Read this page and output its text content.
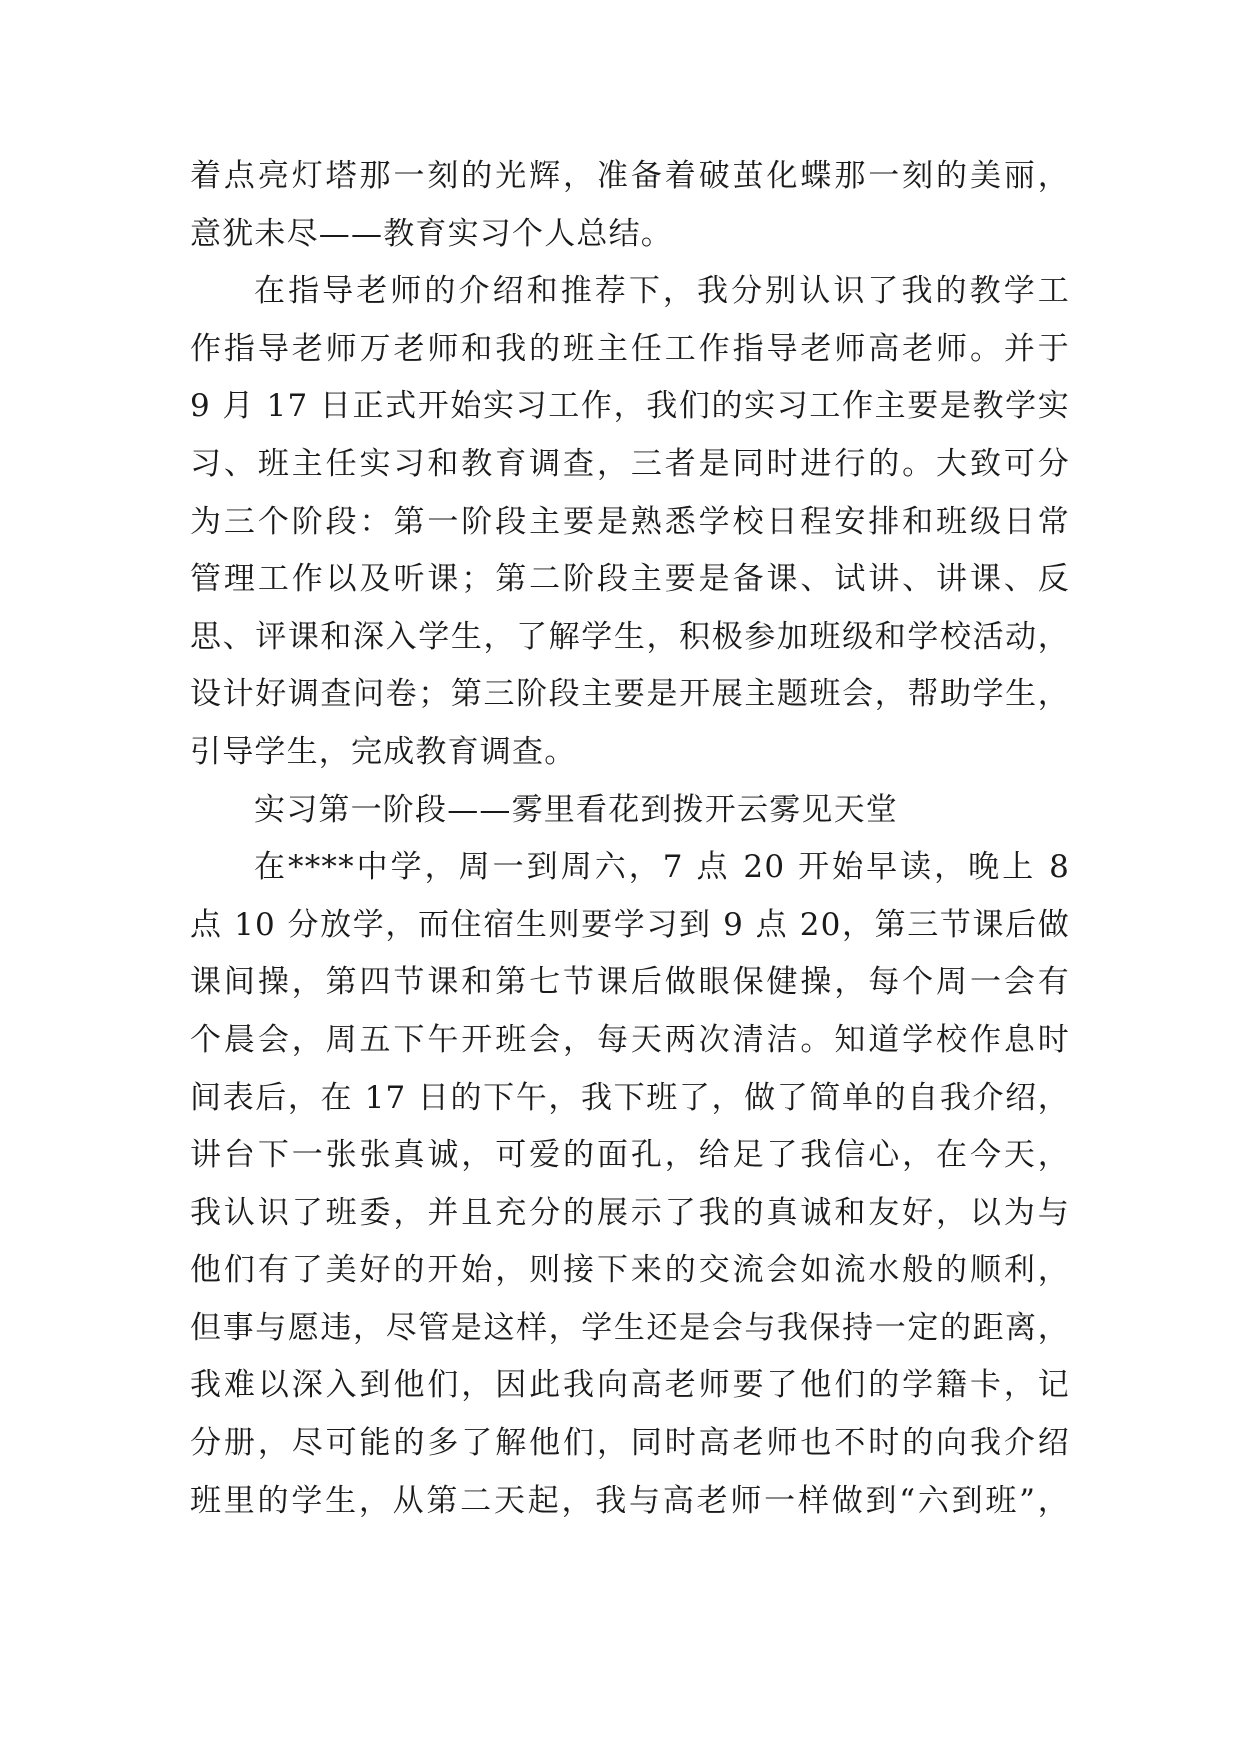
着点亮灯塔那一刻的光辉，准备着破茧化蝶那一刻的美丽，
意犹未尽——教育实习个人总结。
在指导老师的介绍和推荐下，我分别认识了我的教学工
作指导老师万老师和我的班主任工作指导老师高老师。并于
9 月 17 日正式开始实习工作，我们的实习工作主要是教学实
习、班主任实习和教育调查，三者是同时进行的。大致可分
为三个阶段：第一阶段主要是熟悉学校日程安排和班级日常
管理工作以及听课；第二阶段主要是备课、试讲、讲课、反
思、评课和深入学生，了解学生，积极参加班级和学校活动，
设计好调查问卷；第三阶段主要是开展主题班会，帮助学生，
引导学生，完成教育调查。
实习第一阶段——雾里看花到拨开云雾见天堂
在****中学，周一到周六，7 点 20 开始早读，晚上 8
点 10 分放学，而住宿生则要学习到 9 点 20，第三节课后做
课间操，第四节课和第七节课后做眼保健操，每个周一会有
个晨会，周五下午开班会，每天两次清洁。知道学校作息时
间表后，在 17 日的下午，我下班了，做了简单的自我介绍，
讲台下一张张真诚，可爱的面孔，给足了我信心，在今天，
我认识了班委，并且充分的展示了我的真诚和友好，以为与
他们有了美好的开始，则接下来的交流会如流水般的顺利，
但事与愿违，尽管是这样，学生还是会与我保持一定的距离，
我难以深入到他们，因此我向高老师要了他们的学籍卡，记
分册，尽可能的多了解他们，同时高老师也不时的向我介绍
班里的学生，从第二天起，我与高老师一样做到“六到班”，
